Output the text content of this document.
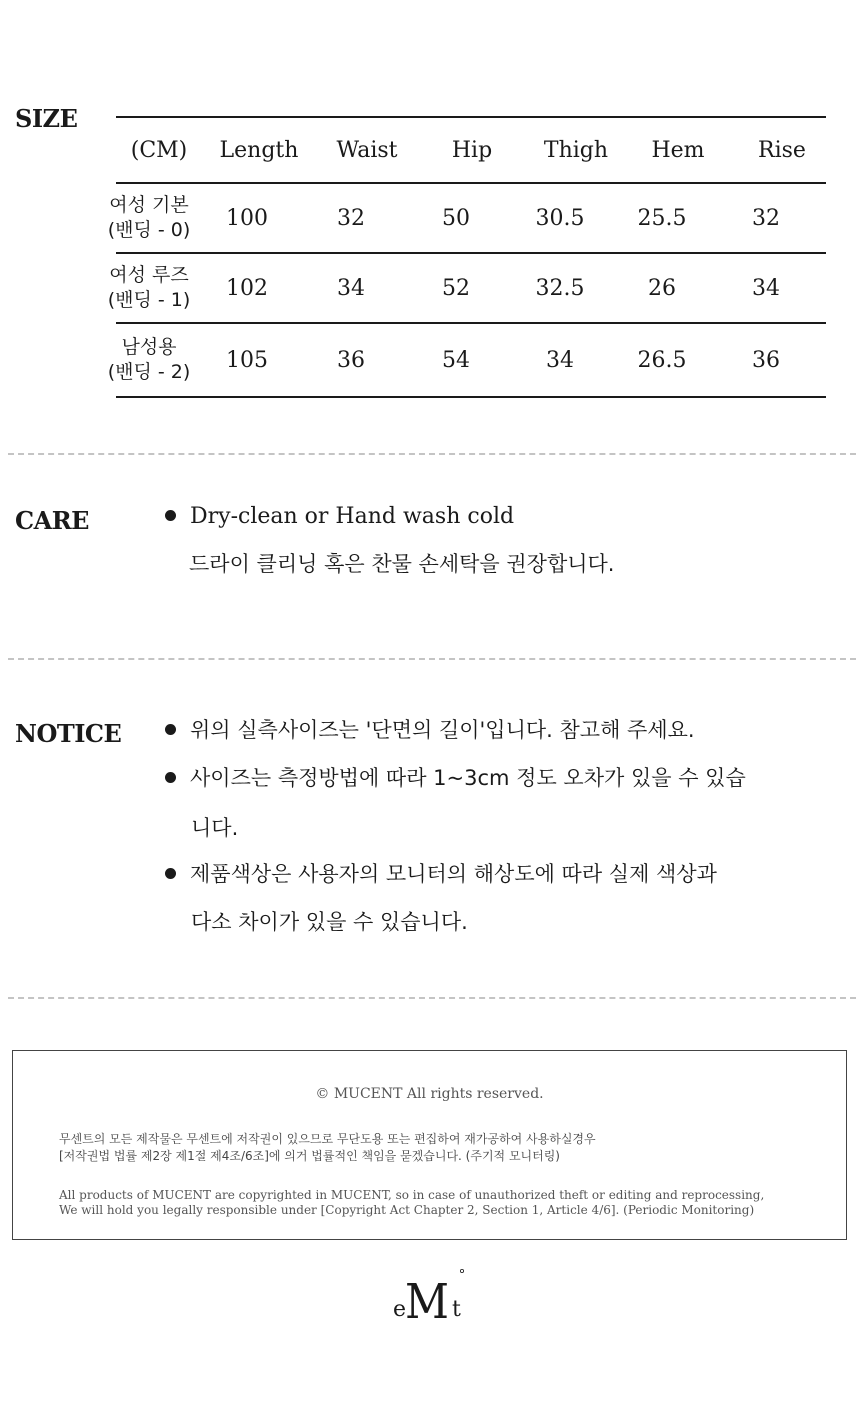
SIZE
(CM)	Length	Waist	Hip	Thigh	Hem	Rise
여성 기본
(밴딩 - 0)	100	32	50	30.5	25.5	32
여성 루즈
(밴딩 - 1)	102	34	52	32.5	26	34
남성용
(밴딩 - 2)	105	36	54	34	26.5	36
CARE	Dry-clean or Hand wash cold
드라이 클리닝 혹은 찬물 손세탁을 권장합니다.
NOTICE	위의 실측사이즈는 '단면의 길이'입니다. 참고해 주세요.
사이즈는 측정방법에 따라 1~3cm 정도 오차가 있을 수 있습
니다.
제품색상은 사용자의 모니터의 해상도에 따라 실제 색상과
다소 차이가 있을 수 있습니다.
© MUCENT All rights reserved.
무센트의 모든 제작물은 무센트에 저작권이 있으므로 무단도용 또는 편집하여 재가공하여 사용하실경우
[저작권법 법률 제2장 제1절 제4조/6조]에 의거 법률적인 책임을 묻겠습니다. (주기적 모니터링)
All products of MUCENT are copyrighted in MUCENT, so in case of unauthorized theft or editing and reprocessing,
We will hold you legally responsible under [Copyright Act Chapter 2, Section 1, Article 4/6]. (Periodic Monitoring)
e
M t
